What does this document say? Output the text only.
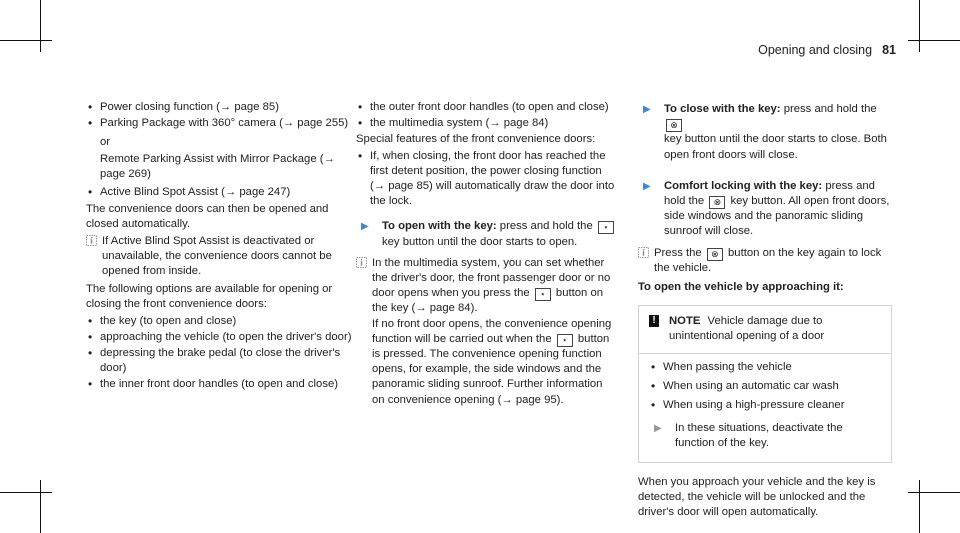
Opening and closing 81
• Power closing function (→ page 85)
• Parking Package with 360° camera (→ page 255)

or

Remote Parking Assist with Mirror Package (→ page 269)

• Active Blind Spot Assist (→ page 247)

The convenience doors can then be opened and closed automatically.

If Active Blind Spot Assist is deactivated or unavailable, the convenience doors cannot be opened from inside.

The following options are available for opening or closing the front convenience doors:

• the key (to open and close)
• approaching the vehicle (to open the driver's door)
• depressing the brake pedal (to close the driver's door)
• the inner front door handles (to open and close)
• the outer front door handles (to open and close)
• the multimedia system (→ page 84)

Special features of the front convenience doors:

• If, when closing, the front door has reached the first detent position, the power closing function (→ page 85) will automatically draw the door into the lock.
▶ To open with the key: press and hold the ⋆
key button until the door starts to open.
In the multimedia system, you can set whether the driver's door, the front passenger door or no door opens when you press the ⋆ button on the key (→ page 84).
If no front door opens, the convenience opening function will be carried out when the ⋆ button is pressed. The convenience opening function opens, for example, the side windows and the panoramic sliding sunroof. Further information on convenience opening (→ page 95).
▶ To close with the key: press and hold the ⊗
key button until the door starts to close. Both open front doors will close.
▶ Comfort locking with the key: press and hold the ⊗ key button. All open front doors, side windows and the panoramic sliding sunroof will close.
Press the ⊗ button on the key again to lock the vehicle.
To open the vehicle by approaching it:
! NOTE Vehicle damage due to unintentional opening of a door
• When passing the vehicle
• When using an automatic car wash
• When using a high-pressure cleaner
▶ In these situations, deactivate the function of the key.

When you approach your vehicle and the key is detected, the vehicle will be unlocked and the driver's door will open automatically.
